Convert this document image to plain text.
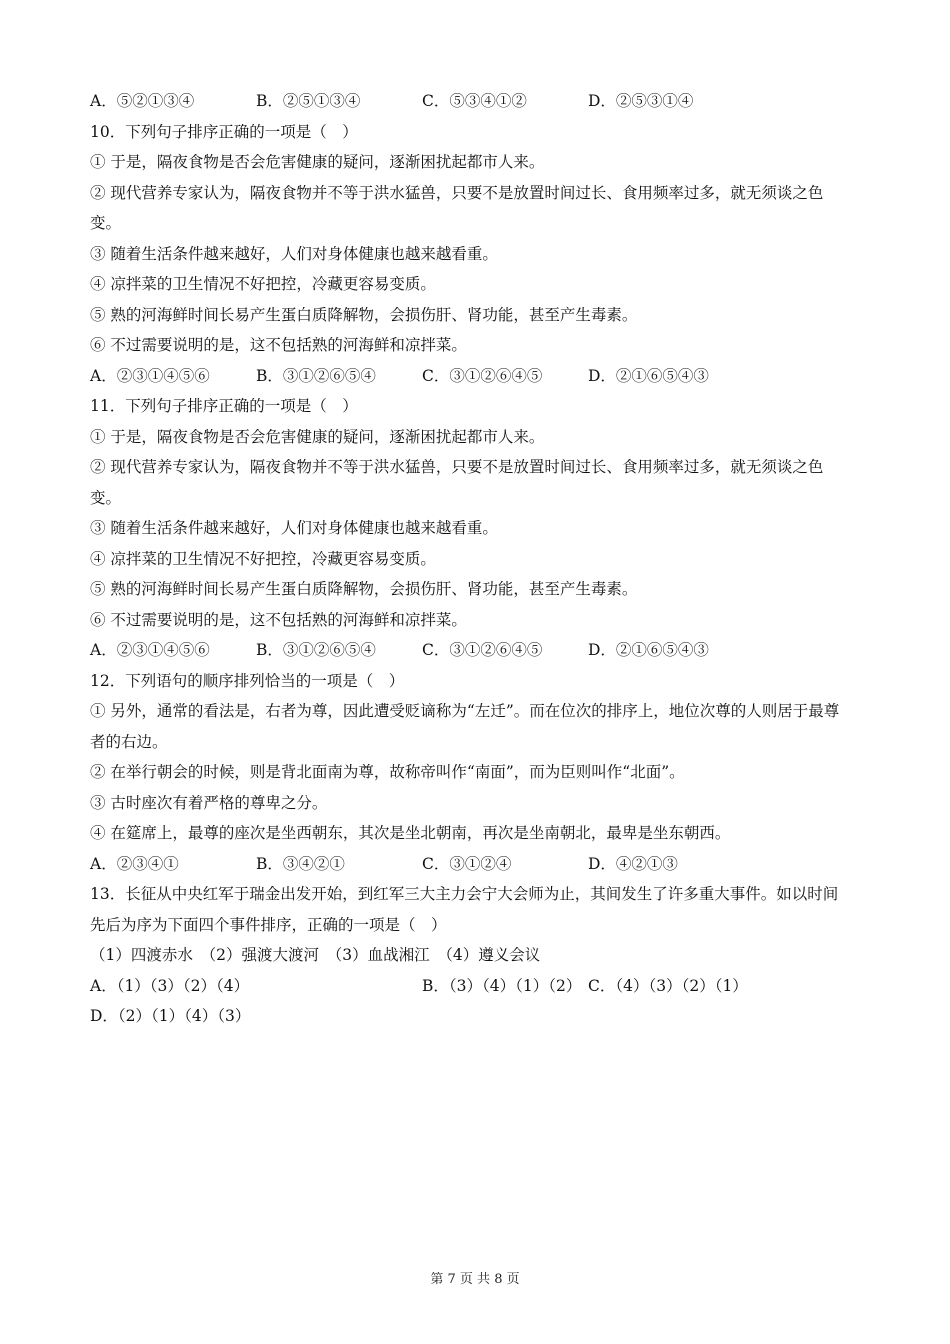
A．⑤②①③④	B．②⑤①③④	C．⑤③④①②	D．②⑤③①④
10．下列句子排序正确的一项是（　）
① 于是，隔夜食物是否会危害健康的疑问，逐渐困扰起都市人来。
② 现代营养专家认为，隔夜食物并不等于洪水猛兽，只要不是放置时间过长、食用频率过多，就无须谈之色变。
③ 随着生活条件越来越好，人们对身体健康也越来越看重。
④ 凉拌菜的卫生情况不好把控，冷藏更容易变质。
⑤ 熟的河海鲜时间长易产生蛋白质降解物，会损伤肝、肾功能，甚至产生毒素。
⑥ 不过需要说明的是，这不包括熟的河海鲜和凉拌菜。
A．②③①④⑤⑥	B．③①②⑥⑤④	C．③①②⑥④⑤	D．②①⑥⑤④③
11．下列句子排序正确的一项是（　）
① 于是，隔夜食物是否会危害健康的疑问，逐渐困扰起都市人来。
② 现代营养专家认为，隔夜食物并不等于洪水猛兽，只要不是放置时间过长、食用频率过多，就无须谈之色变。
③ 随着生活条件越来越好，人们对身体健康也越来越看重。
④ 凉拌菜的卫生情况不好把控，冷藏更容易变质。
⑤ 熟的河海鲜时间长易产生蛋白质降解物，会损伤肝、肾功能，甚至产生毒素。
⑥ 不过需要说明的是，这不包括熟的河海鲜和凉拌菜。
A．②③①④⑤⑥	B．③①②⑥⑤④	C．③①②⑥④⑤	D．②①⑥⑤④③
12．下列语句的顺序排列恰当的一项是（　）
① 另外，通常的看法是，右者为尊，因此遭受贬谪称为“左迁”。而在位次的排序上，地位次尊的人则居于最尊者的右边。
② 在举行朝会的时候，则是背北面南为尊，故称帝叫作“南面”，而为臣则叫作“北面”。
③ 古时座次有着严格的尊卑之分。
④ 在筵席上，最尊的座次是坐西朝东，其次是坐北朝南，再次是坐南朝北，最卑是坐东朝西。
A．②③④①	B．③④②①	C．③①②④	D．④②①③
13．长征从中央红军于瑞金出发开始，到红军三大主力会宁大会师为止，其间发生了许多重大事件。如以时间先后为序为下面四个事件排序，正确的一项是（　）
（1）四渡赤水　（2）强渡大渡河　（3）血战湘江　（4）遵义会议
A．（1）（3）（2）（4）	B．（3）（4）（1）（2） C．（4）（3）（2）（1）
D．（2）（1）（4）（3）
第 7 页 共 8 页
